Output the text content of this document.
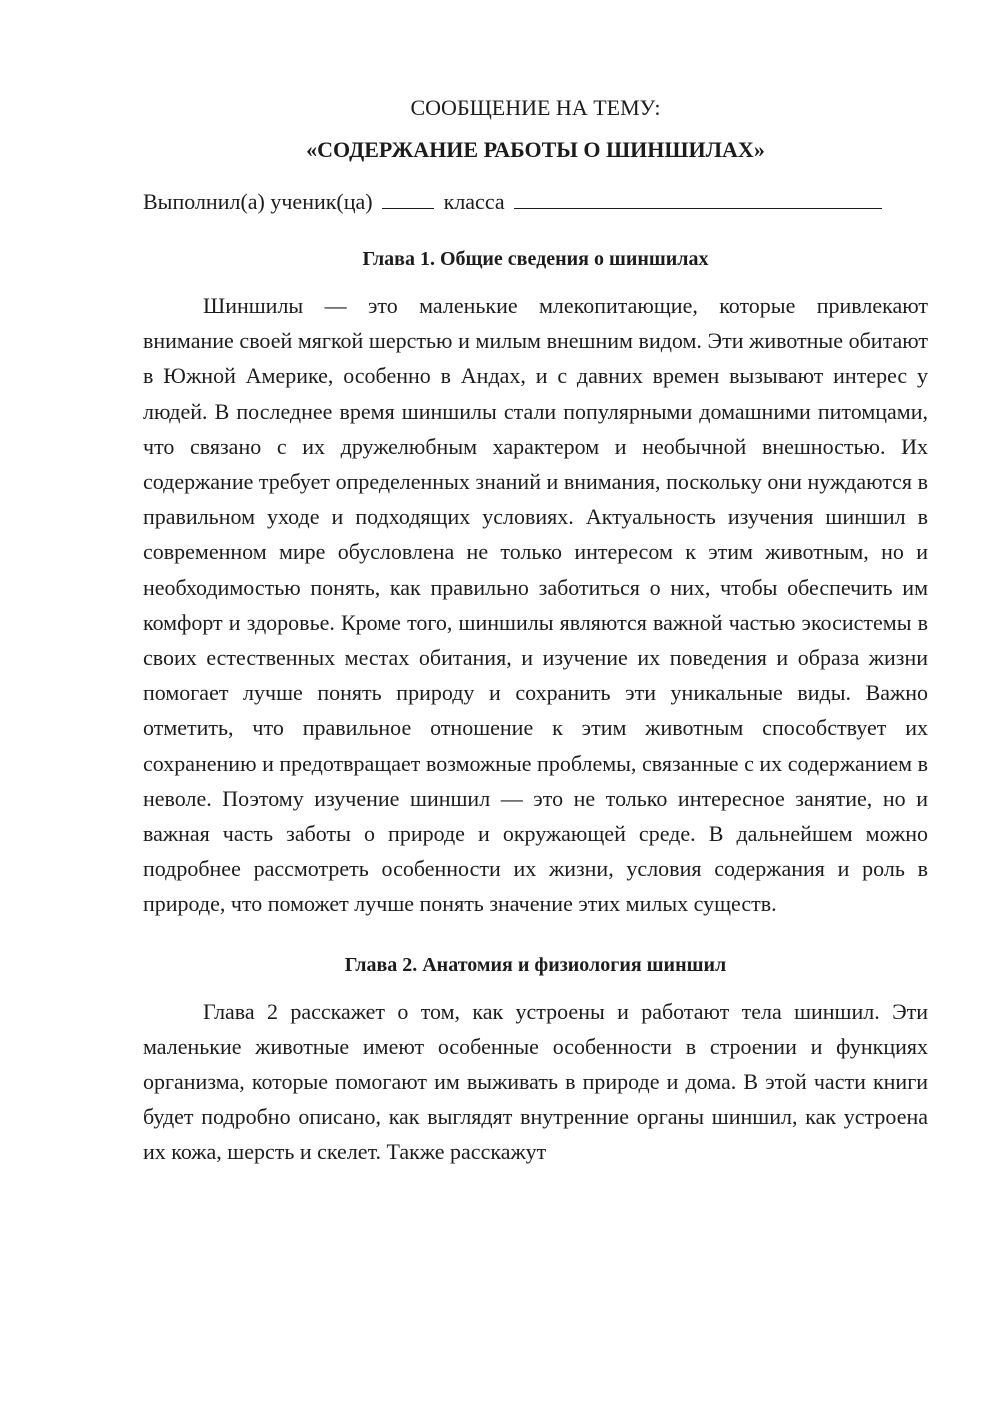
СООБЩЕНИЕ НА ТЕМУ:

«СОДЕРЖАНИЕ РАБОТЫ О ШИНШИЛАХ»

Выполнил(а) ученик(ца)	класса
Глава 1. Общие сведения о шиншилах

Шиншилы — это маленькие млекопитающие, которые привлекают внимание своей мягкой шерстью и милым внешним видом. Эти животные обитают в Южной Америке, особенно в Андах, и с давних времен вызывают интерес у людей. В последнее время шиншилы стали популярными домашними питомцами, что связано с их дружелюбным характером и необычной внешностью. Их содержание требует определенных знаний и внимания, поскольку они нуждаются в правильном уходе и подходящих условиях. Актуальность изучения шиншил в современном мире обусловлена не только интересом к этим животным, но и необходимостью понять, как правильно заботиться о них, чтобы обеспечить им комфорт и здоровье. Кроме того, шиншилы являются важной частью экосистемы в своих естественных местах обитания, и изучение их поведения и образа жизни помогает лучше понять природу и сохранить эти уникальные виды. Важно отметить, что правильное отношение к этим животным способствует их сохранению и предотвращает возможные проблемы, связанные с их содержанием в неволе. Поэтому изучение шиншил — это не только интересное занятие, но и важная часть заботы о природе и окружающей среде. В дальнейшем можно подробнее рассмотреть особенности их жизни, условия содержания и роль в природе, что поможет лучше понять значение этих милых существ.

Глава 2. Анатомия и физиология шиншил

Глава 2 расскажет о том, как устроены и работают тела шиншил. Эти маленькие животные имеют особенные особенности в строении и функциях организма, которые помогают им выживать в природе и дома. В этой части книги будет подробно описано, как выглядят внутренние органы шиншил, как устроена их кожа, шерсть и скелет. Также расскажут
